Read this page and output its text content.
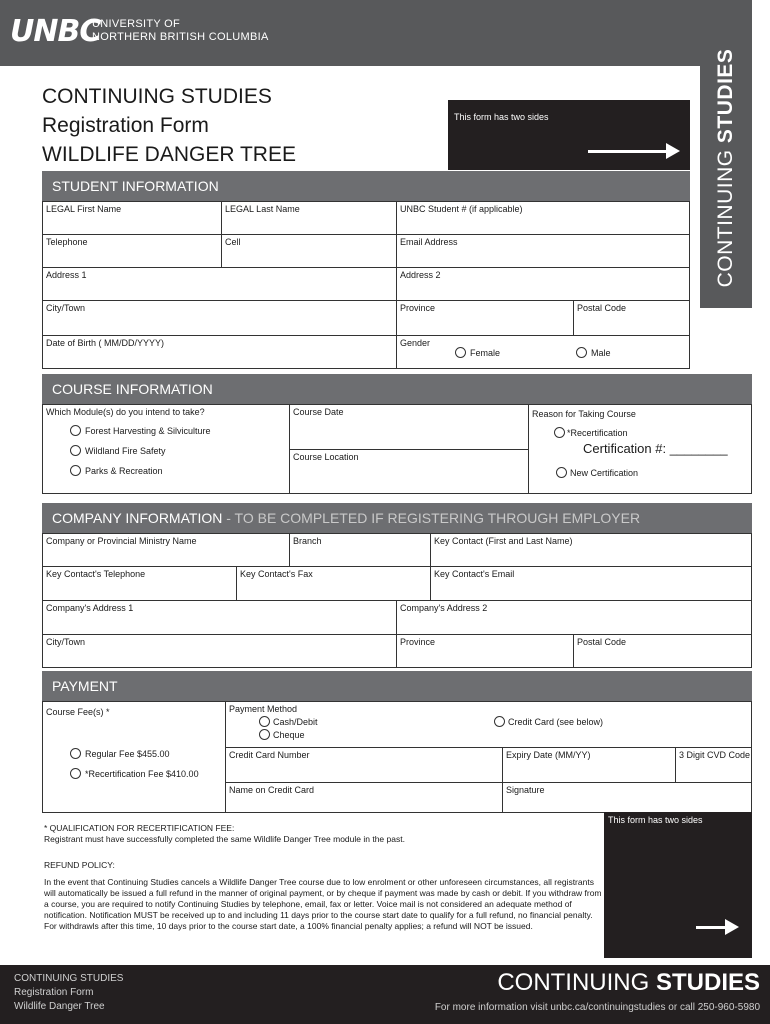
UNBC
UNIVERSITY OF
NORTHERN BRITISH COLUMBIA
CONTINUING STUDIES
CONTINUING STUDIES
Registration Form
WILDLIFE DANGER TREE
This form has two sides
STUDENT INFORMATION
LEGAL First Name	LEGAL Last Name	UNBC Student # (if applicable)
Telephone	Cell	Email Address
Address 1	Address 2
City/Town	Province	Postal Code
Date of Birth ( MM/DD/YYYY)	Gender
Female	Male
COURSE INFORMATION
Which Module(s) do you intend to take?
Forest Harvesting & Silviculture
Wildland Fire Safety
Parks & Recreation
Course Date
Course Location
Reason for Taking Course
*Recertification
Certification #: ________
New Certification
COMPANY INFORMATION - TO BE COMPLETED IF REGISTERING THROUGH EMPLOYER
Company or Provincial Ministry Name	Branch	Key Contact (First and Last Name)
Key Contact's Telephone	Key Contact's Fax	Key Contact's Email
Company's Address 1	Company's Address 2
City/Town	Province	Postal Code
PAYMENT
Course Fee(s) *
Regular Fee $455.00
*Recertification Fee $410.00
Payment Method
Cash/Debit
Cheque
Credit Card (see below)
Credit Card Number	Expiry Date (MM/YY)	3 Digit CVD Code
Name on Credit Card	Signature
This form has two sides
* QUALIFICATION FOR RECERTIFICATION FEE:
Registrant must have successfully completed the same Wildlife Danger Tree module in the past.
REFUND POLICY:
In the event that Continuing Studies cancels a Wildlife Danger Tree course due to low enrolment or other unforeseen circumstances, all registrants will automatically be issued a full refund in the manner of original payment, or by cheque if payment was made by cash or debit. If you withdraw from a course, you are required to notify Continuing Studies by telephone, email, fax or letter. Voice mail is not considered an adequate method of notification. Notification MUST be received up to and including 11 days prior to the course start date to qualify for a full refund, no financial penalty. For withdrawls after this time, 10 days prior to the course start date, a 100% financial penalty applies; a refund will NOT be issued.
CONTINUING STUDIES
Registration Form
Wildlife Danger Tree
CONTINUING STUDIES
For more information visit unbc.ca/continuingstudies or call 250-960-5980
